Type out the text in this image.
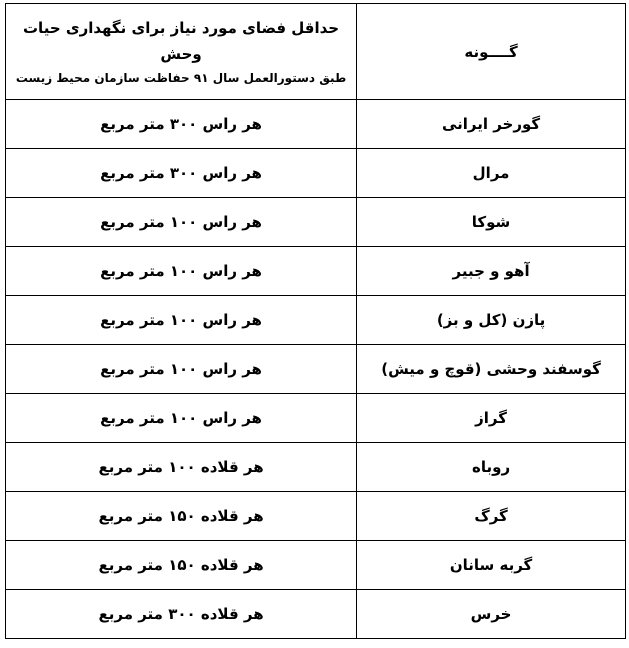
گــــونه	حداقل فضای مورد نیاز برای نگهداری حیات وحش
طبق دستورالعمل سال ۹۱ حفاظت سازمان محیط زیست

گورخر ایرانی	هر راس ۳۰۰ متر مربع
مرال	هر راس ۳۰۰ متر مربع
شوکا	هر راس ۱۰۰ متر مربع
آهو و جبیر	هر راس ۱۰۰ متر مربع
پازن (کل و بز)	هر راس ۱۰۰ متر مربع
گوسفند وحشی (قوچ و میش)	هر راس ۱۰۰ متر مربع
گراز	هر راس ۱۰۰ متر مربع
روباه	هر قلاده ۱۰۰ متر مربع
گرگ	هر قلاده ۱۵۰ متر مربع
گربه سانان	هر قلاده ۱۵۰ متر مربع
خرس	هر قلاده ۳۰۰ متر مربع
